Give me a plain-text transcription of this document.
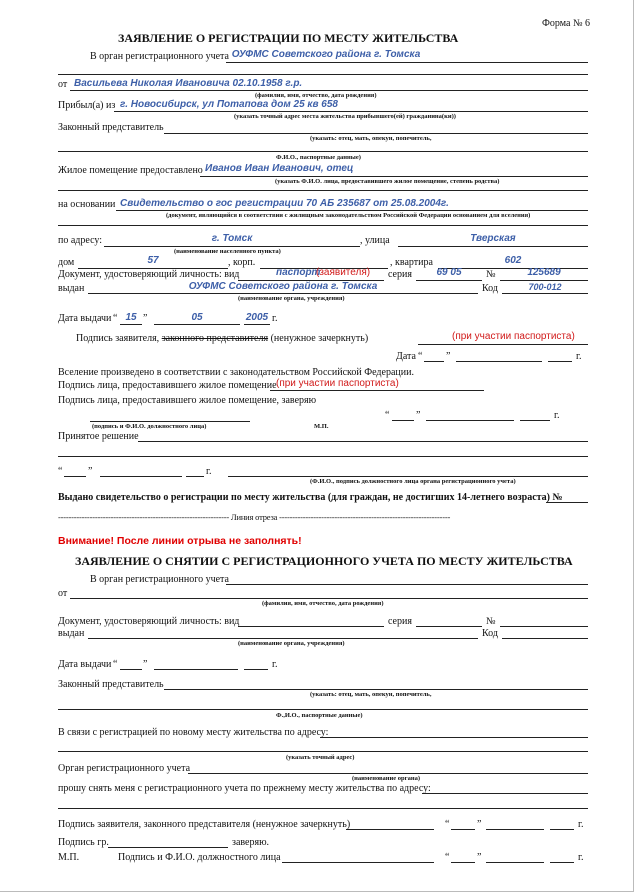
Форма № 6
ЗАЯВЛЕНИЕ О РЕГИСТРАЦИИ ПО МЕСТУ ЖИТЕЛЬСТВА
В орган регистрационного учета ОУФМС Советского района г. Томска
от Васильева Николая Ивановича 02.10.1958 г.р.
(фамилия, имя, отчество, дата рождения)
Прибыл(а) из г. Новосибирск, ул Потапова дом 25 кв 658
(указать точный адрес места жительства прибывшего(ей) гражданина(ки))
Законный представитель
(указать: отец, мать, опекун, попечитель,
Ф.И.О., паспортные данные)
Жилое помещение предоставлено Иванов Иван Иванович, отец
(указать Ф.И.О. лица, предоставившего жилое помещение, степень родства)
на основании Свидетельство о гос регистрации 70 АБ 235687 от 25.08.2004г.
(документ, являющийся в соответствии с жилищным законодательством Российской Федерации основанием для вселения)
по адресу:	г. Томск
(наименование населенного пункта)
, улица	Тверская
дом	57	, корп.	, квартира	602
Документ, удостоверяющий личность: вид	паспорт
(заявителя) серия	69 05	№	125689
выдан	ОУФМС Советского района г. Томска	Код	700-012
(наименование органа, учреждения)
Дата выдачи “ 15 ”	05	2005 г.
Подпись заявителя, законного представителя (ненужное зачеркнуть)	(при участии паспортиста)
Дата “ ”	г.
Вселение произведено в соответствии с законодательством Российской Федерации.
Подпись лица, предоставившего жилое помещение (при участии паспортиста)
Подпись лица, предоставившего жилое помещение, заверяю
“	”	г.
(подпись и Ф.И.О. должностного лица)	М.П.
Принятое решение
“	”	г.
(Ф.И.О., подпись должностного лица органа регистрационного учета)
Выдано свидетельство о регистрации по месту жительства (для граждан, не достигших 14-летнего возраста) №
----------------------------------------------------------------- Линия отреза -----------------------------------------------------------------
Внимание! После линии отрыва не заполнять!
ЗАЯВЛЕНИЕ О СНЯТИИ С РЕГИСТРАЦИОННОГО УЧЕТА ПО МЕСТУ ЖИТЕЛЬСТВА
В орган регистрационного учета
от
(фамилия, имя, отчество, дата рождения)
Документ, удостоверяющий личность: вид	серия	№
выдан	Код
(наименование органа, учреждения)
Дата выдачи “	”	г.
Законный представитель
(указать: отец, мать, опекун, попечитель,
Ф.,И.О., паспортные данные)
В связи с регистрацией по новому месту жительства по адресу:
(указать точный адрес)
Орган регистрационного учета
(наименование органа)
прошу снять меня с регистрационного учета по прежнему месту жительства по адресу:
Подпись заявителя, законного представителя (ненужное зачеркнуть)	“	”	г.
Подпись гр.	заверяю.
М.П.	Подпись и Ф.И.О. должностного лица	“	”	г.
